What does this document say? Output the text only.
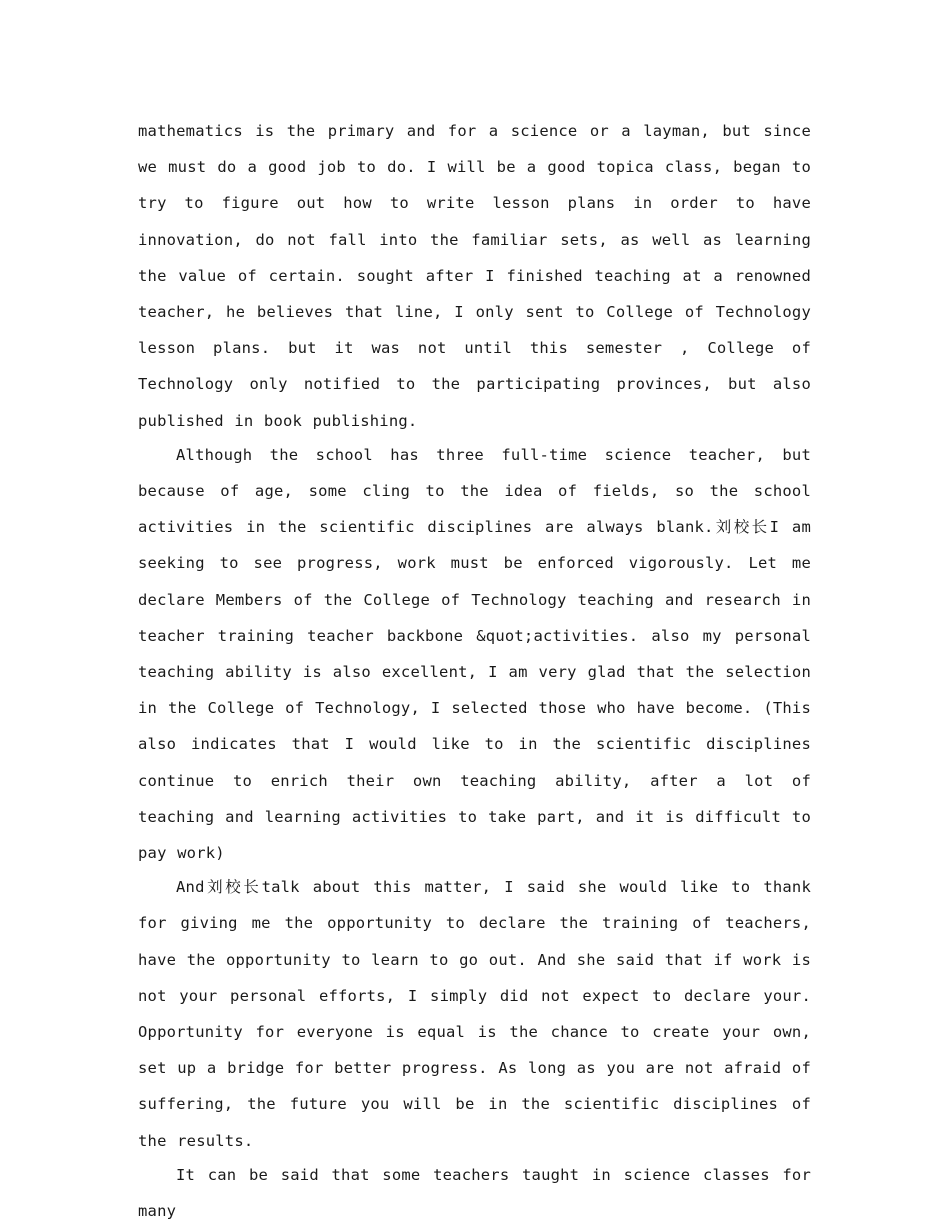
mathematics is the primary and for a science or a layman, but since we must do a good job to do. I will be a good topica class, began to try to figure out how to write lesson plans in order to have innovation, do not fall into the familiar sets, as well as learning the value of certain. sought after I finished teaching at a renowned teacher, he believes that line, I only sent to College of Technology lesson plans. but it was not until this semester , College of Technology only notified to the participating provinces, but also published in book publishing.

Although the school has three full-time science teacher, but because of age, some cling to the idea of fields, so the school activities in the scientific disciplines are always blank.刘校长I am seeking to see progress, work must be enforced vigorously. Let me declare Members of the College of Technology teaching and research in teacher training teacher backbone &quot;activities. also my personal teaching ability is also excellent, I am very glad that the selection in the College of Technology, I selected those who have become. (This also indicates that I would like to in the scientific disciplines continue to enrich their own teaching ability, after a lot of teaching and learning activities to take part, and it is difficult to pay work)

And刘校长talk about this matter, I said she would like to thank for giving me the opportunity to declare the training of teachers, have the opportunity to learn to go out. And she said that if work is not your personal efforts, I simply did not expect to declare your. Opportunity for everyone is equal is the chance to create your own, set up a bridge for better progress. As long as you are not afraid of suffering, the future you will be in the scientific disciplines of the results.

It can be said that some teachers taught in science classes for many
